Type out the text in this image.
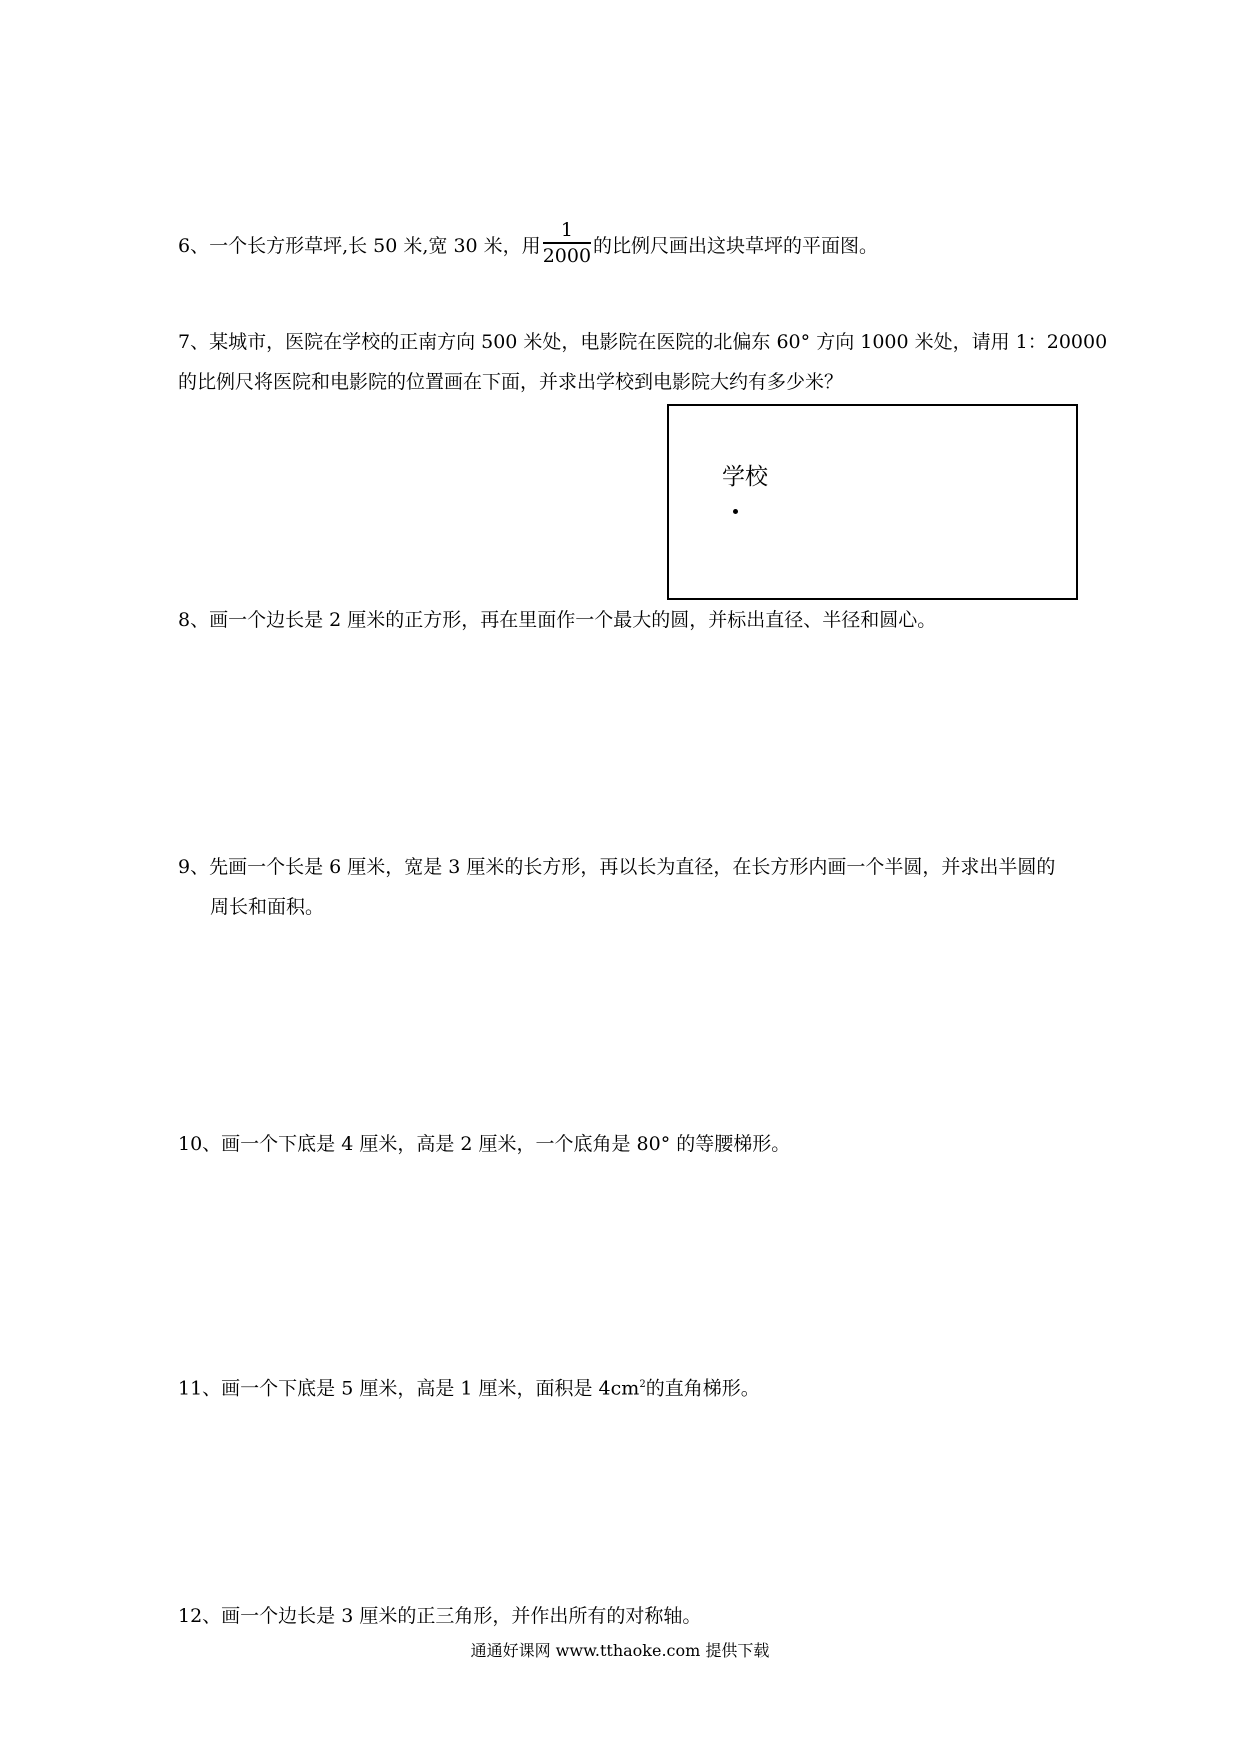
6、一个长方形草坪,长 50 米,宽 30 米，用 $\frac{1}{2000}$ 的比例尺画出这块草坪的平面图。
7、某城市，医院在学校的正南方向 500 米处，电影院在医院的北偏东 60° 方向 1000 米处，请用 1：20000
的比例尺将医院和电影院的位置画在下面，并求出学校到电影院大约有多少米？
学校
8、画一个边长是 2 厘米的正方形，再在里面作一个最大的圆，并标出直径、半径和圆心。
9、先画一个长是 6 厘米，宽是 3 厘米的长方形，再以长为直径，在长方形内画一个半圆，并求出半圆的
周长和面积。
10、画一个下底是 4 厘米，高是 2 厘米，一个底角是 80° 的等腰梯形。
11、画一个下底是 5 厘米，高是 1 厘米，面积是 $4cm^2$的直角梯形。
12、画一个边长是 3 厘米的正三角形，并作出所有的对称轴。
通通好课网 www.tthaoke.com 提供下载
